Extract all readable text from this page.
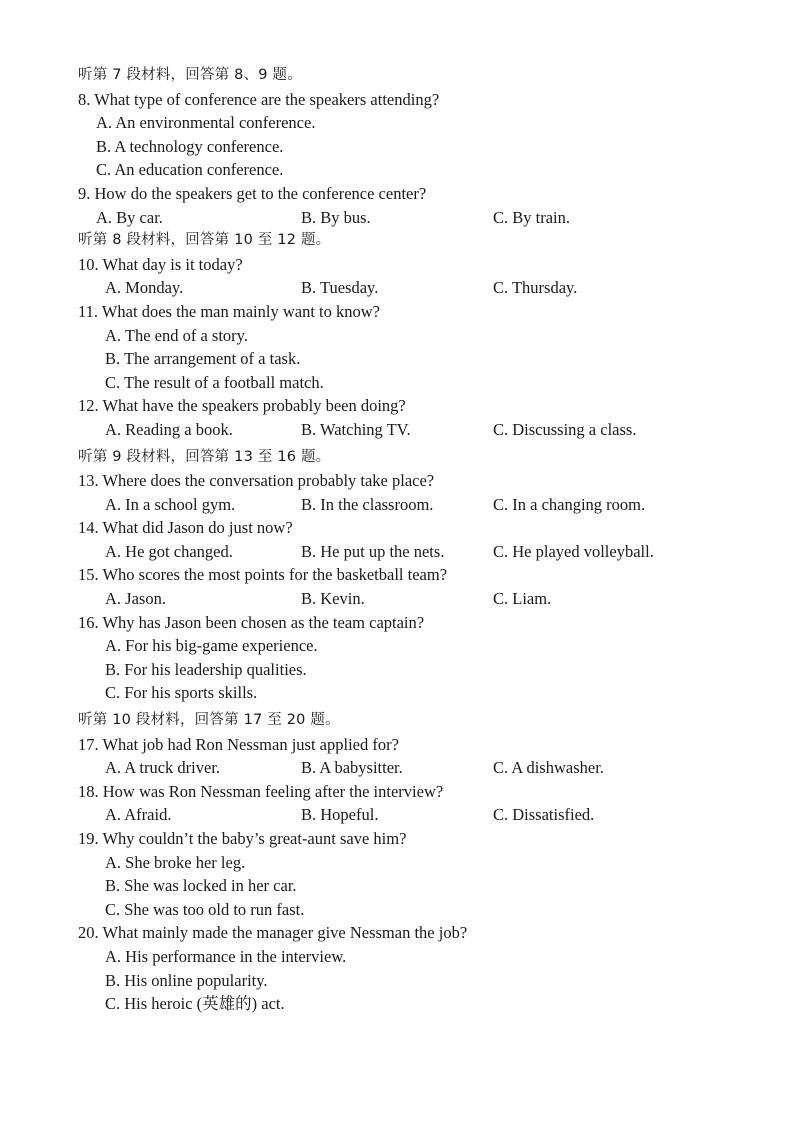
听第 7 段材料，回答第 8、9 题。
8. What type of conference are the speakers attending?
A. An environmental conference.
B. A technology conference.
C. An education conference.
9. How do the speakers get to the conference center?
A. By car.	B. By bus.	C. By train.
听第 8 段材料，回答第 10 至 12 题。
10. What day is it today?
A. Monday.	B. Tuesday.	C. Thursday.
11. What does the man mainly want to know?
A. The end of a story.
B. The arrangement of a task.
C. The result of a football match.
12. What have the speakers probably been doing?
A. Reading a book.	B. Watching TV.	C. Discussing a class.
听第 9 段材料，回答第 13 至 16 题。
13. Where does the conversation probably take place?
A. In a school gym.	B. In the classroom.	C. In a changing room.
14. What did Jason do just now?
A. He got changed.	B. He put up the nets.	C. He played volleyball.
15. Who scores the most points for the basketball team?
A. Jason.	B. Kevin.	C. Liam.
16. Why has Jason been chosen as the team captain?
A. For his big-game experience.
B. For his leadership qualities.
C. For his sports skills.
听第 10 段材料，回答第 17 至 20 题。
17. What job had Ron Nessman just applied for?
A. A truck driver.	B. A babysitter.	C. A dishwasher.
18. How was Ron Nessman feeling after the interview?
A. Afraid.	B. Hopeful.	C. Dissatisfied.
19. Why couldn’t the baby’s great-aunt save him?
A. She broke her leg.
B. She was locked in her car.
C. She was too old to run fast.
20. What mainly made the manager give Nessman the job?
A. His performance in the interview.
B. His online popularity.
C. His heroic (英雄的) act.
